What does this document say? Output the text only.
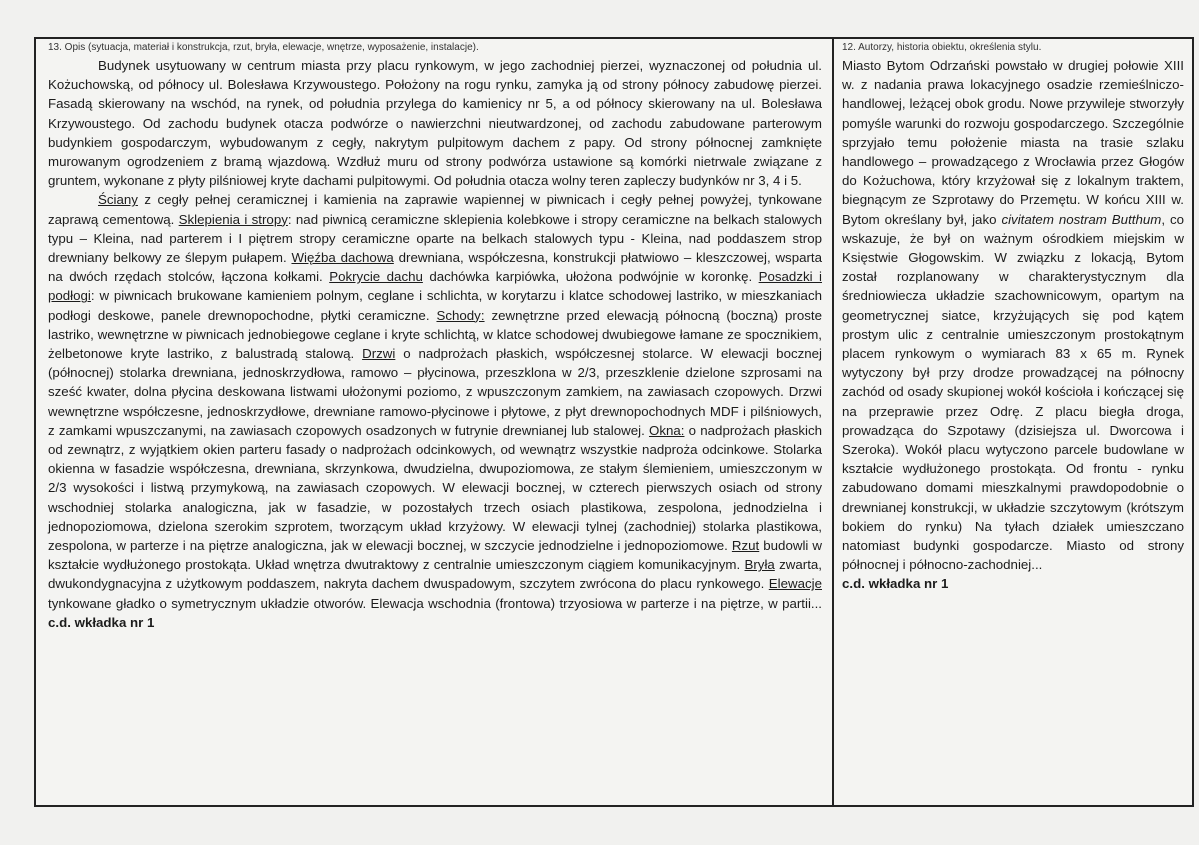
13. Opis (sytuacja, materiał i konstrukcja, rzut, bryła, elewacje, wnętrze, wyposażenie, instalacje).

Budynek usytuowany w centrum miasta przy placu rynkowym, w jego zachodniej pierzei, wyznaczonej od południa ul. Kożuchowską, od północy ul. Bolesława Krzywoustego. Położony na rogu rynku, zamyka ją od strony północy zabudowę pierzei. Fasadą skierowany na wschód, na rynek, od południa przylega do kamienicy nr 5, a od północy skierowany na ul. Bolesława Krzywoustego. Od zachodu budynek otacza podwórze o nawierzchni nieutwardzonej, od zachodu zabudowane parterowym budynkiem gospodarczym, wybudowanym z cegły, nakrytym pulpitowym dachem z papy. Od strony północnej zamknięte murowanym ogrodzeniem z bramą wjazdową. Wzdłuż muru od strony podwórza ustawione są komórki nietrwale związane z gruntem, wykonane z płyty pilśniowej kryte dachami pulpitowymi. Od południa otacza wolny teren zapleczy budynków nr 3, 4 i 5.

Ściany z cegły pełnej ceramicznej i kamienia na zaprawie wapiennej w piwnicach i cegły pełnej powyżej, tynkowane zaprawą cementową. Sklepienia i stropy: nad piwnicą ceramiczne sklepienia kolebkowe i stropy ceramiczne na belkach stalowych typu – Kleina, nad parterem i I piętrem stropy ceramiczne oparte na belkach stalowych typu - Kleina, nad poddaszem strop drewniany belkowy ze ślepym pułapem. Więźba dachowa drewniana, współczesna, konstrukcji płatwiowo – kleszczowej, wsparta na dwóch rzędach stolców, łączona kołkami. Pokrycie dachu dachówka karpiówka, ułożona podwójnie w koronkę. Posadzki i podłogi: w piwnicach brukowane kamieniem polnym, ceglane i schlichta, w korytarzu i klatce schodowej lastriko, w mieszkaniach podłogi deskowe, panele drewnopochodne, płytki ceramiczne. Schody: zewnętrzne przed elewacją północną (boczną) proste lastriko, wewnętrzne w piwnicach jednobiegowe ceglane i kryte schlichtą, w klatce schodowej dwubiegowe łamane ze spocznikiem, żelbetonowe kryte lastriko, z balustradą stalową. Drzwi o nadprożach płaskich, współczesnej stolarce. W elewacji bocznej (północnej) stolarka drewniana, jednoskrzydłowa, ramowo – płycinowa, przeszklona w 2/3, przeszklenie dzielone szprosami na sześć kwater, dolna płycina deskowana listwami ułożonymi poziomo, z wpuszczonym zamkiem, na zawiasach czopowych. Drzwi wewnętrzne współczesne, jednoskrzydłowe, drewniane ramowo-płycinowe i płytowe, z płyt drewnopochodnych MDF i pilśniowych, z zamkami wpuszczanymi, na zawiasach czopowych osadzonych w futrynie drewnianej lub stalowej. Okna: o nadprożach płaskich od zewnątrz, z wyjątkiem okien parteru fasady o nadprożach odcinkowych, od wewnątrz wszystkie nadproża odcinkowe. Stolarka okienna w fasadzie współczesna, drewniana, skrzynkowa, dwudzielna, dwupoziomowa, ze stałym ślemieniem, umieszczonym w 2/3 wysokości i listwą przymykową, na zawiasach czopowych. W elewacji bocznej, w czterech pierwszych osiach od strony wschodniej stolarka analogiczna, jak w fasadzie, w pozostałych trzech osiach plastikowa, zespolona, jednodzielna i jednopoziomowa, dzielona szerokim szprotem, tworzącym układ krzyżowy. W elewacji tylnej (zachodniej) stolarka plastikowa, zespolona, w parterze i na piętrze analogiczna, jak w elewacji bocznej, w szczycie jednodzielne i jednopoziomowe. Rzut budowli w kształcie wydłużonego prostokąta. Układ wnętrza dwutraktowy z centralnie umieszczonym ciągiem komunikacyjnym. Bryła zwarta, dwukondygnacyjna z użytkowym poddaszem, nakryta dachem dwuspadowym, szczytem zwrócona do placu rynkowego. Elewacje tynkowane gładko o symetrycznym układzie otworów. Elewacja wschodnia (frontowa) trzyosiowa w parterze i na piętrze, w partii... c.d. wkładka nr 1

12. Autorzy, historia obiektu, określenia stylu.
Miasto Bytom Odrzański powstało w drugiej połowie XIII w. z nadania prawa lokacyjnego osadzie rzemieślniczo-handlowej, leżącej obok grodu. Nowe przywileje stworzyły pomyśle warunki do rozwoju gospodarczego. Szczególnie sprzyjało temu położenie miasta na trasie szlaku handlowego – prowadzącego z Wrocławia przez Głogów do Kożuchowa, który krzyżował się z lokalnym traktem, biegnącym ze Szprotawy do Przemętu. W końcu XIII w. Bytom określany był, jako civitatem nostram Butthum, co wskazuje, że był on ważnym ośrodkiem miejskim w Księstwie Głogowskim. W związku z lokacją, Bytom został rozplanowany w charakterystycznym dla średniowiecza układzie szachownicowym, opartym na geometrycznej siatce, krzyżujących się pod kątem prostym ulic z centralnie umieszczonym prostokątnym placem rynkowym o wymiarach 83 x 65 m. Rynek wytyczony był przy drodze prowadzącej na północny zachód od osady skupionej wokół kościoła i kończącej się na przeprawie przez Odrę. Z placu biegła droga, prowadząca do Szpotawy (dzisiejsza ul. Dworcowa i Szeroka). Wokół placu wytyczono parcele budowlane w kształcie wydłużonego prostokąta. Od frontu - rynku zabudowano domami mieszkalnymi prawdopodobnie o drewnianej konstrukcji, w układzie szczytowym (krótszym bokiem do rynku) Na tyłach działek umieszczano natomiast budynki gospodarcze. Miasto od strony północnej i północno-zachodniej...
c.d. wkładka nr 1
